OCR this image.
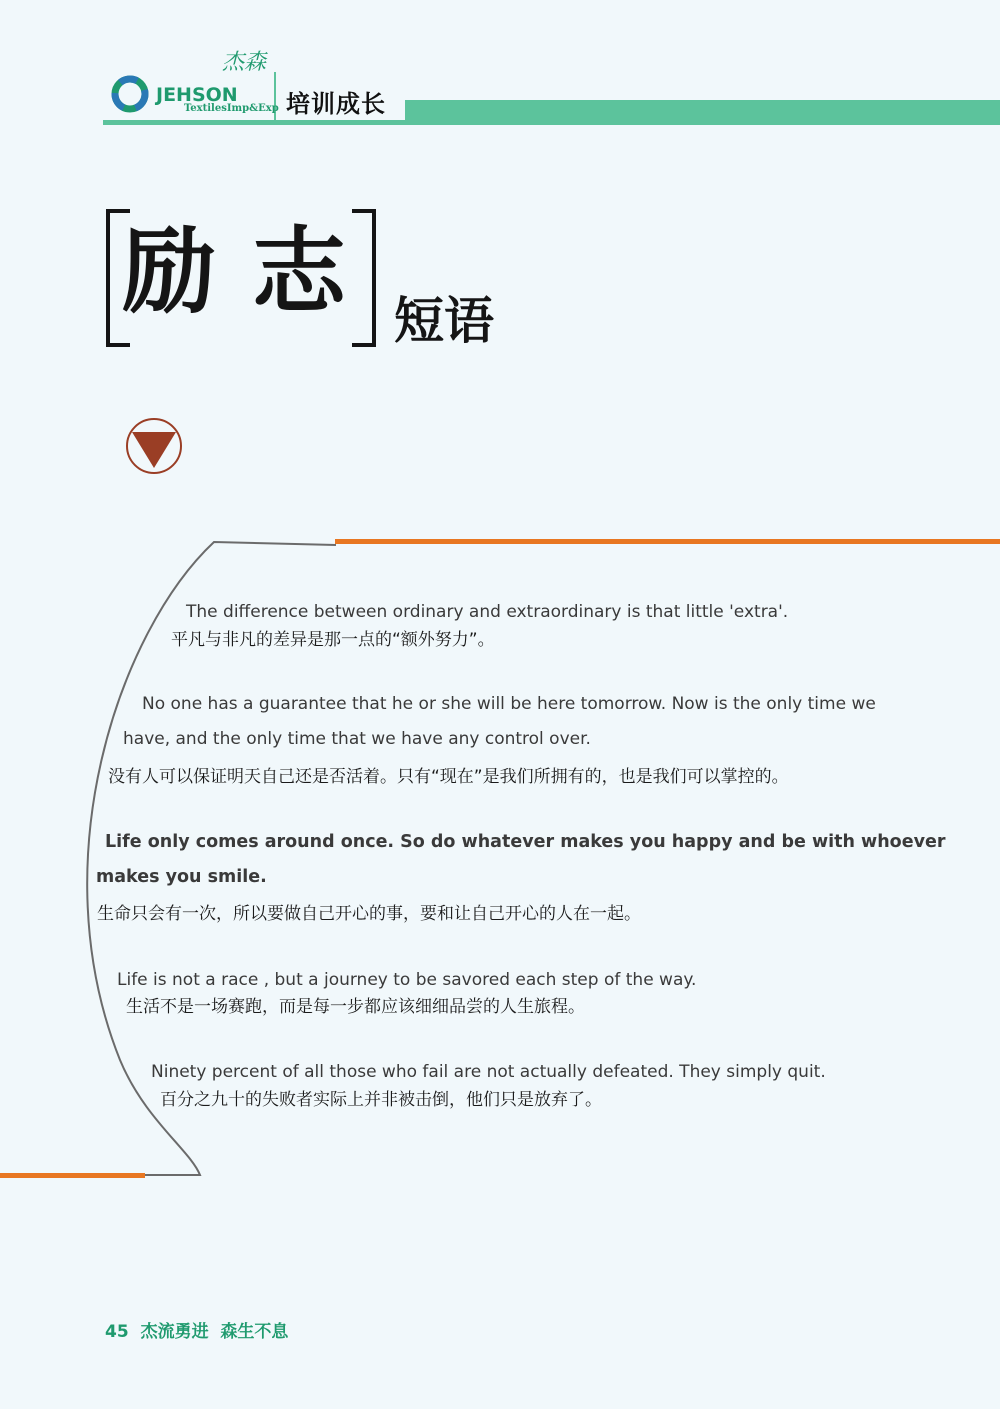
杰森
JEHSON
TextilesImp&Exp 培训成长
励 志 短语
The difference between ordinary and extraordinary is that little 'extra'.
平凡与非凡的差异是那一点的“额外努力”。
No one has a guarantee that he or she will be here tomorrow. Now is the only time we
have, and the only time that we have any control over.
没有人可以保证明天自己还是否活着。只有“现在”是我们所拥有的，也是我们可以掌控的。
Life only comes around once. So do whatever makes you happy and be with whoever
makes you smile.
生命只会有一次，所以要做自己开心的事，要和让自己开心的人在一起。
Life is not a race , but a journey to be savored each step of the way.
生活不是一场赛跑，而是每一步都应该细细品尝的人生旅程。
Ninety percent of all those who fail are not actually defeated. They simply quit.
百分之九十的失败者实际上并非被击倒，他们只是放弃了。
45 杰流勇进  森生不息
